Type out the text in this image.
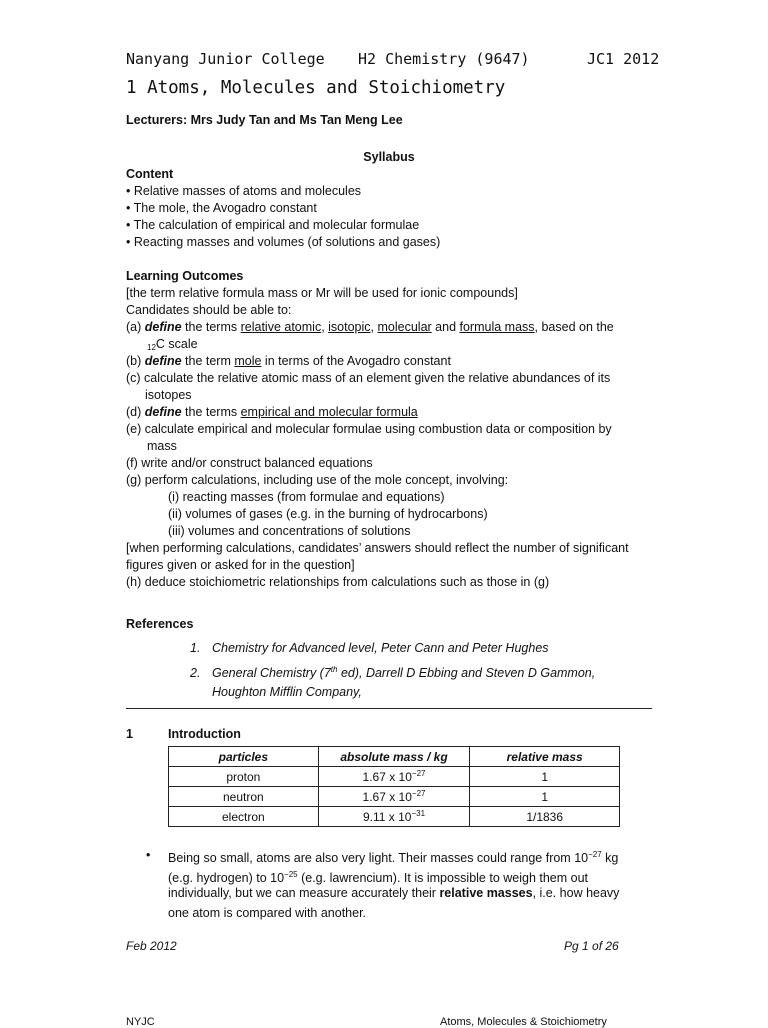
Nanyang Junior College H2 Chemistry (9647)	JC1 2012
1 Atoms, Molecules and Stoichiometry
Lecturers: Mrs Judy Tan and Ms Tan Meng Lee
Syllabus
Content
• Relative masses of atoms and molecules
• The mole, the Avogadro constant
• The calculation of empirical and molecular formulae
• Reacting masses and volumes (of solutions and gases)
Learning Outcomes
[the term relative formula mass or Mr will be used for ionic compounds]
Candidates should be able to:
(a) define the terms relative atomic, isotopic, molecular and formula mass, based on the
$_{12}$C scale
(b) define the term mole in terms of the Avogadro constant
(c) calculate the relative atomic mass of an element given the relative abundances of its
isotopes
(d) define the terms empirical and molecular formula
(e) calculate empirical and molecular formulae using combustion data or composition by
mass
(f) write and/or construct balanced equations
(g) perform calculations, including use of the mole concept, involving:
(i) reacting masses (from formulae and equations)
(ii) volumes of gases (e.g. in the burning of hydrocarbons)
(iii) volumes and concentrations of solutions
[when performing calculations, candidates’ answers should reflect the number of significant
figures given or asked for in the question]
(h) deduce stoichiometric relationships from calculations such as those in (g)
References
1. Chemistry for Advanced level, Peter Cann and Peter Hughes
2. General Chemistry (7th ed), Darrell D Ebbing and Steven D Gammon,
Houghton Mifflin Company,
1	Introduction
particles	absolute mass / kg	relative mass
proton	1.67 x $10^{-27}$	1
neutron	1.67 x $10^{-27}$	1
electron	9.11 x $10^{-31}$	1/1836
• Being so small, atoms are also very light. Their masses could range from $10^{-27}$ kg
(e.g. hydrogen) to $10^{-25}$ (e.g. lawrencium). It is impossible to weigh them out
individually, but we can measure accurately their relative masses, i.e. how heavy
one atom is compared with another.
Feb 2012	Pg 1 of 26
NYJC	Atoms, Molecules & Stoichiometry
